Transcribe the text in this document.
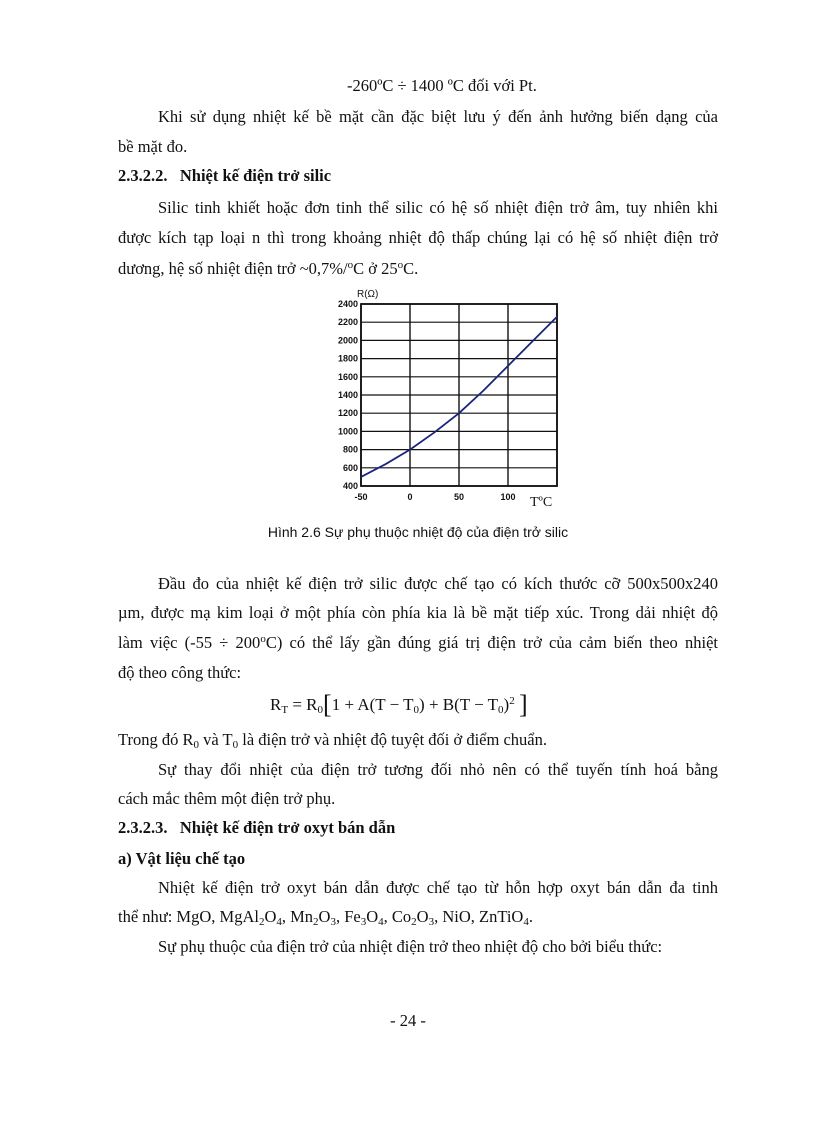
-260ºC ÷ 1400 ºC đối với Pt.
Khi sử dụng nhiệt kế bề mặt cần đặc biệt lưu ý đến ảnh hưởng biến dạng của
bề mặt đo.
2.3.2.2. Nhiệt kế điện trở silic
Silic tinh khiết hoặc đơn tinh thể silic có hệ số nhiệt điện trở âm, tuy nhiên khi
được kích tạp loại n thì trong khoảng nhiệt độ thấp chúng lại có hệ số nhiệt điện trở
dương, hệ số nhiệt điện trở ~0,7%/$^o$C ở 25$^o$C.
400
600
800
1000
1200
1400
1600
1800
2000
2200
2400
-50	0	50	100
R(Ω)
TºC
Hình 2.6 Sự phụ thuộc nhiệt độ của điện trở silic
Đầu đo của nhiệt kế điện trở silic được chế tạo có kích thước cỡ 500x500x240
µm, được mạ kim loại ở một phía còn phía kia là bề mặt tiếp xúc. Trong dải nhiệt độ
làm việc $(-55 \div 200^oC)$ có thể lấy gần đúng giá trị điện trở của cảm biến theo nhiệt
độ theo công thức:
$R_T = R_0[1 + A(T - T_0) + B(T - T_0)^2$ ]
Trong đó $R_0$ và $T_0$ là điện trở và nhiệt độ tuyệt đối ở điểm chuẩn.
Sự thay đổi nhiệt của điện trở tương đối nhỏ nên có thể tuyến tính hoá bằng
cách mắc thêm một điện trở phụ.
2.3.2.3. Nhiệt kế điện trở oxyt bán dẫn
a) Vật liệu chế tạo
Nhiệt kế điện trở oxyt bán dẫn được chế tạo từ hỗn hợp oxyt bán dẫn đa tinh
thể như: MgO, $MgAl_2O_4$, $Mn_2O_3$, $Fe_3O_4$, $Co_2O_3$, NiO, ZnTiO$_4$.
Sự phụ thuộc của điện trở của nhiệt điện trở theo nhiệt độ cho bởi biểu thức:
- 24 -
